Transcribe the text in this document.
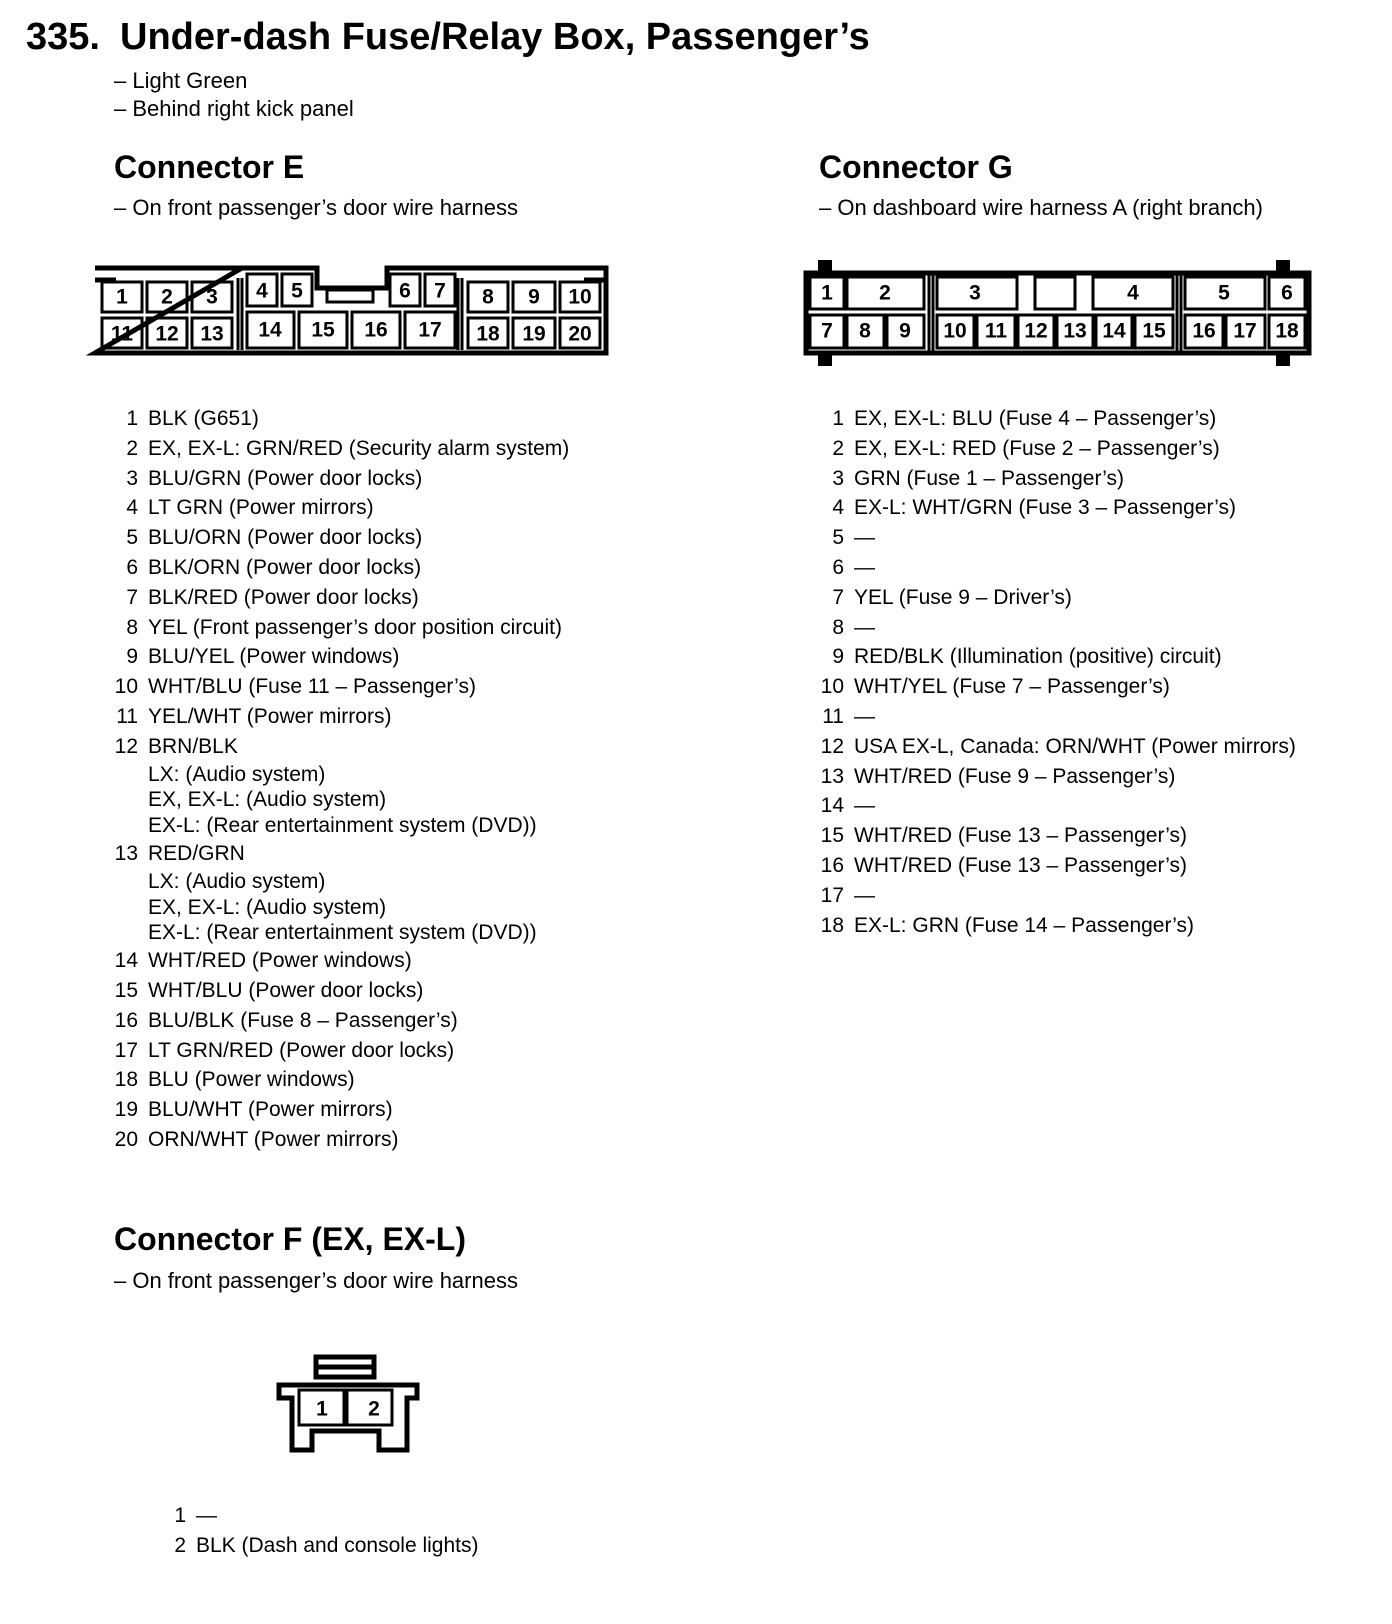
335. Under-dash Fuse/Relay Box, Passenger’s
– Light Green
– Behind right kick panel
Connector E
– On front passenger’s door wire harness
1 2 3 4 5	6 7 8 9 10
11 12 13 14 15 16 17 18 19 20
1 BLK (G651)
2 EX, EX-L: GRN/RED (Security alarm system)
3 BLU/GRN (Power door locks)
4 LT GRN (Power mirrors)
5 BLU/ORN (Power door locks)
6 BLK/ORN (Power door locks)
7 BLK/RED (Power door locks)
8 YEL (Front passenger’s door position circuit)
9 BLU/YEL (Power windows)
10 WHT/BLU (Fuse 11 – Passenger’s)
11 YEL/WHT (Power mirrors)
12 BRN/BLK
LX: (Audio system)
EX, EX-L: (Audio system)
EX-L: (Rear entertainment system (DVD))
13 RED/GRN
LX: (Audio system)
EX, EX-L: (Audio system)
EX-L: (Rear entertainment system (DVD))
14 WHT/RED (Power windows)
15 WHT/BLU (Power door locks)
16 BLU/BLK (Fuse 8 – Passenger’s)
17 LT GRN/RED (Power door locks)
18 BLU (Power windows)
19 BLU/WHT (Power mirrors)
20 ORN/WHT (Power mirrors)
Connector G
– On dashboard wire harness A (right branch)
1 2	3	4	5 6
7 8 9 10 11 12 13 14 15 16 17 18
1 EX, EX-L: BLU (Fuse 4 – Passenger’s)
2 EX, EX-L: RED (Fuse 2 – Passenger’s)
3 GRN (Fuse 1 – Passenger’s)
4 EX-L: WHT/GRN (Fuse 3 – Passenger’s)
5 —
6 —
7 YEL (Fuse 9 – Driver’s)
8 —
9 RED/BLK (Illumination (positive) circuit)
10 WHT/YEL (Fuse 7 – Passenger’s)
11 —
12 USA EX-L, Canada: ORN/WHT (Power mirrors)
13 WHT/RED (Fuse 9 – Passenger’s)
14 —
15 WHT/RED (Fuse 13 – Passenger’s)
16 WHT/RED (Fuse 13 – Passenger’s)
17 —
18 EX-L: GRN (Fuse 14 – Passenger’s)
Connector F (EX, EX-L)
– On front passenger’s door wire harness
1 2
1 —
2 BLK (Dash and console lights)
